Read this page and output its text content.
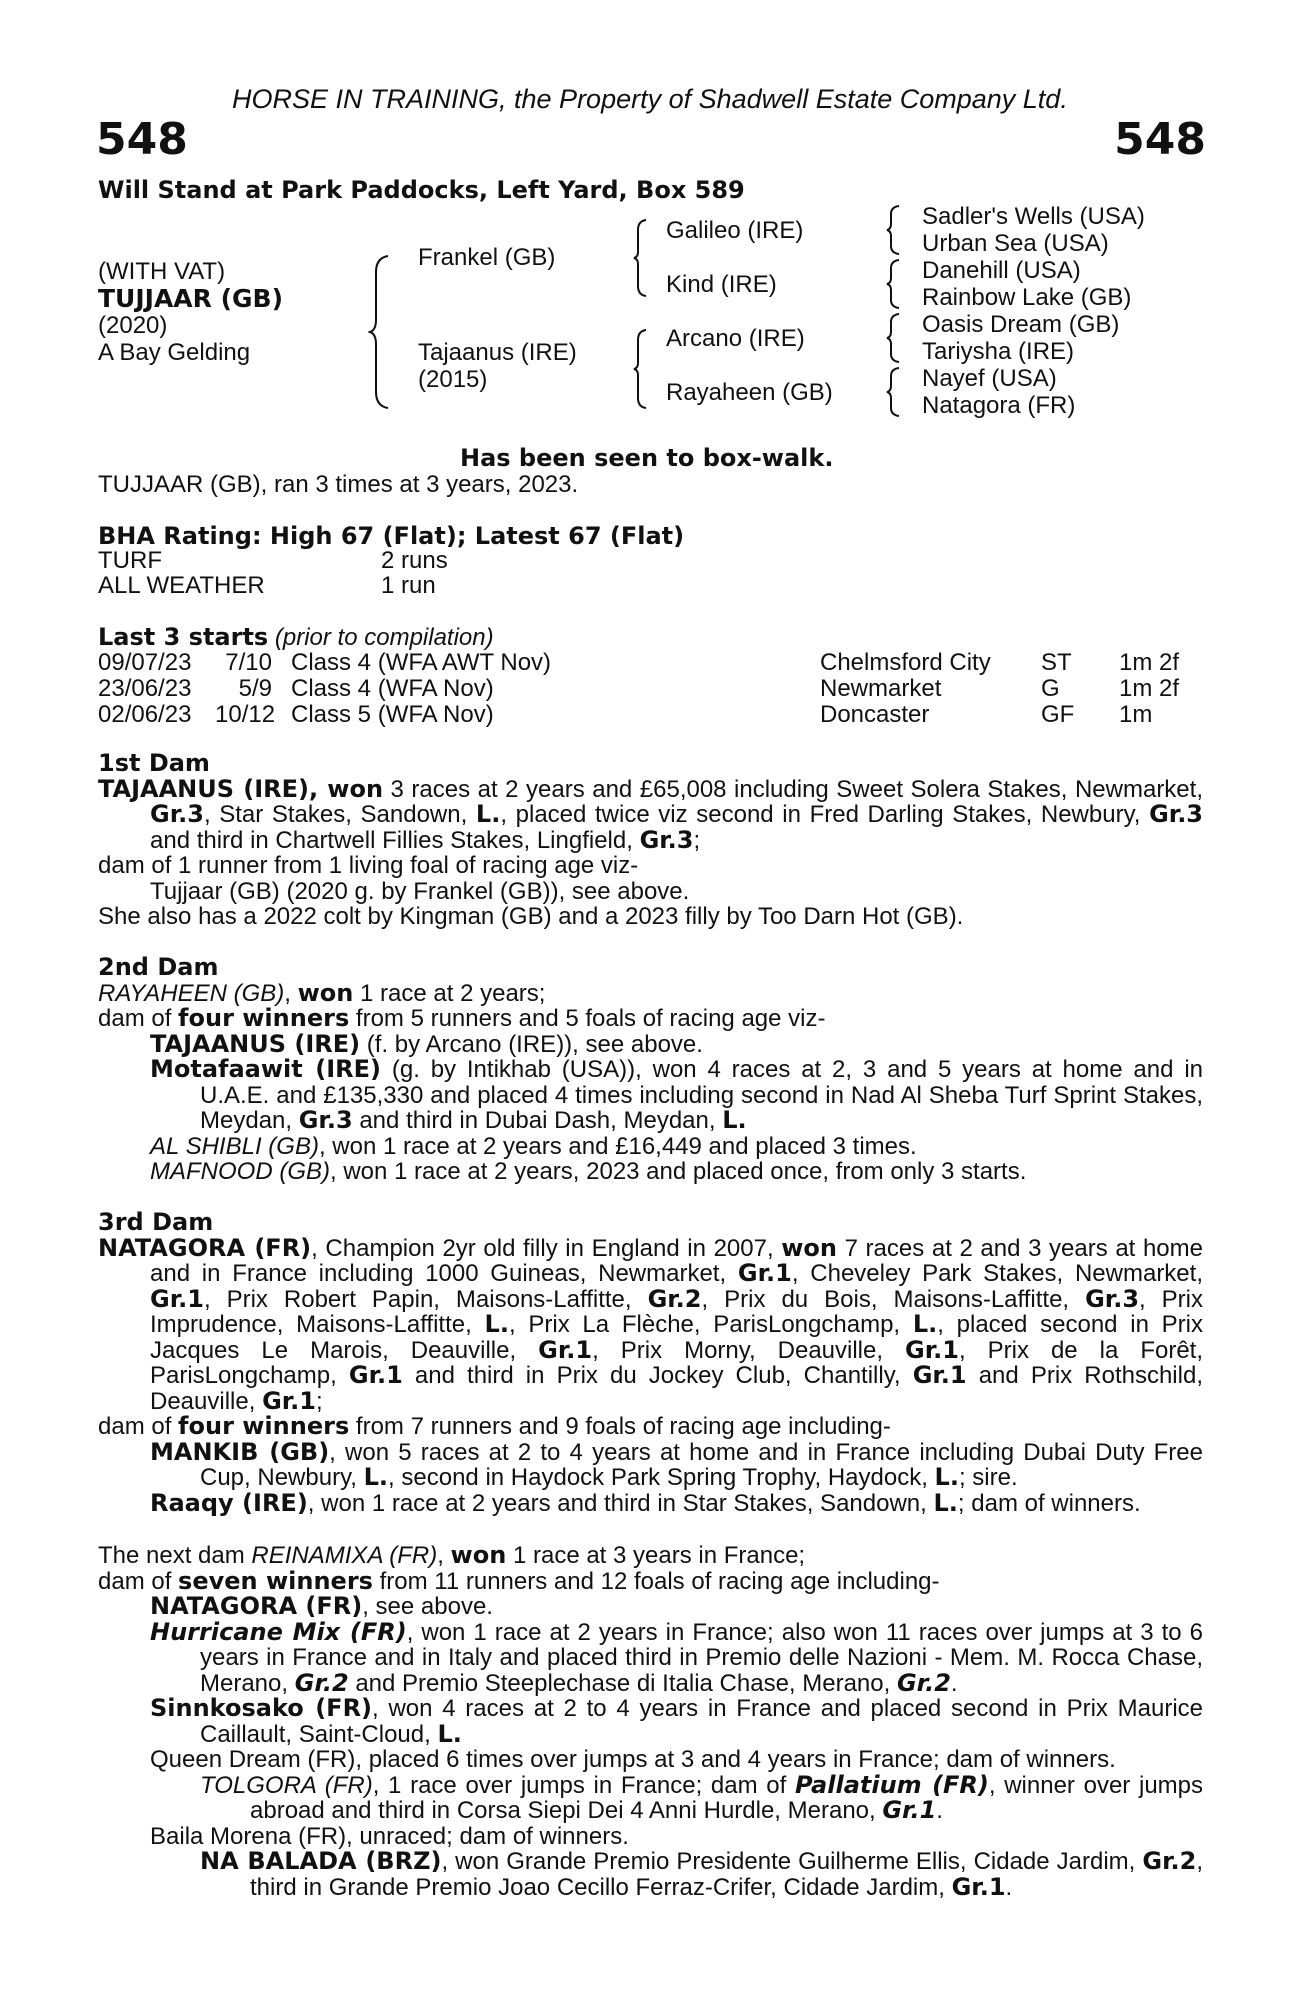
HORSE IN TRAINING, the Property of Shadwell Estate Company Ltd.
548	548
Will Stand at Park Paddocks, Left Yard, Box 589
(WITH VAT)
TUJJAAR (GB)
(2020)
A Bay Gelding
Frankel (GB)
Tajaanus (IRE)
(2015)
Galileo (IRE)
Kind (IRE)
Arcano (IRE)
Rayaheen (GB)
Sadler's Wells (USA)
Urban Sea (USA)
Danehill (USA)
Rainbow Lake (GB)
Oasis Dream (GB)
Tariysha (IRE)
Nayef (USA)
Natagora (FR)
Has been seen to box-walk.
TUJJAAR (GB), ran 3 times at 3 years, 2023.
BHA Rating: High 67 (Flat); Latest 67 (Flat)
TURF	2 runs
ALL WEATHER	1 run
Last 3 starts (prior to compilation)
09/07/23	7/10 Class 4 (WFA AWT Nov)	Chelmsford City ST 1m 2f
23/06/23	5/9 Class 4 (WFA Nov)	Newmarket	G 1m 2f
02/06/23 10/12 Class 5 (WFA Nov)	Doncaster	GF 1m

1st Dam

TAJAANUS (IRE), won 3 races at 2 years and £65,008 including Sweet Solera Stakes, Newmarket, Gr.3, Star Stakes, Sandown, L., placed twice viz second in Fred Darling Stakes, Newbury, Gr.3 and third in Chartwell Fillies Stakes, Lingfield, Gr.3;

dam of 1 runner from 1 living foal of racing age viz-

Tujjaar (GB) (2020 g. by Frankel (GB)), see above.

She also has a 2022 colt by Kingman (GB) and a 2023 filly by Too Darn Hot (GB).

2nd Dam

RAYAHEEN (GB), won 1 race at 2 years;

dam of four winners from 5 runners and 5 foals of racing age viz-

TAJAANUS (IRE) (f. by Arcano (IRE)), see above.

Motafaawit (IRE) (g. by Intikhab (USA)), won 4 races at 2, 3 and 5 years at home and in U.A.E. and £135,330 and placed 4 times including second in Nad Al Sheba Turf Sprint Stakes, Meydan, Gr.3 and third in Dubai Dash, Meydan, L.

AL SHIBLI (GB), won 1 race at 2 years and £16,449 and placed 3 times.

MAFNOOD (GB), won 1 race at 2 years, 2023 and placed once, from only 3 starts.

3rd Dam

NATAGORA (FR), Champion 2yr old filly in England in 2007, won 7 races at 2 and 3 years at home and in France including 1000 Guineas, Newmarket, Gr.1, Cheveley Park Stakes, Newmarket, Gr.1, Prix Robert Papin, Maisons-Laffitte, Gr.2, Prix du Bois, Maisons-Laffitte, Gr.3, Prix Imprudence, Maisons-Laffitte, L., Prix La Flèche, ParisLongchamp, L., placed second in Prix Jacques Le Marois, Deauville, Gr.1, Prix Morny, Deauville, Gr.1, Prix de la Forêt, ParisLongchamp, Gr.1 and third in Prix du Jockey Club, Chantilly, Gr.1 and Prix Rothschild, Deauville, Gr.1;

dam of four winners from 7 runners and 9 foals of racing age including-

MANKIB (GB), won 5 races at 2 to 4 years at home and in France including Dubai Duty Free Cup, Newbury, L., second in Haydock Park Spring Trophy, Haydock, L.; sire.

Raaqy (IRE), won 1 race at 2 years and third in Star Stakes, Sandown, L.; dam of winners.

The next dam REINAMIXA (FR), won 1 race at 3 years in France;

dam of seven winners from 11 runners and 12 foals of racing age including-

NATAGORA (FR), see above.

Hurricane Mix (FR), won 1 race at 2 years in France; also won 11 races over jumps at 3 to 6 years in France and in Italy and placed third in Premio delle Nazioni - Mem. M. Rocca Chase, Merano, Gr.2 and Premio Steeplechase di Italia Chase, Merano, Gr.2.

Sinnkosako (FR), won 4 races at 2 to 4 years in France and placed second in Prix Maurice Caillault, Saint-Cloud, L.

Queen Dream (FR), placed 6 times over jumps at 3 and 4 years in France; dam of winners.

TOLGORA (FR), 1 race over jumps in France; dam of Pallatium (FR), winner over jumps abroad and third in Corsa Siepi Dei 4 Anni Hurdle, Merano, Gr.1.

Baila Morena (FR), unraced; dam of winners.

NA BALADA (BRZ), won Grande Premio Presidente Guilherme Ellis, Cidade Jardim, Gr.2, third in Grande Premio Joao Cecillo Ferraz-Crifer, Cidade Jardim, Gr.1.
